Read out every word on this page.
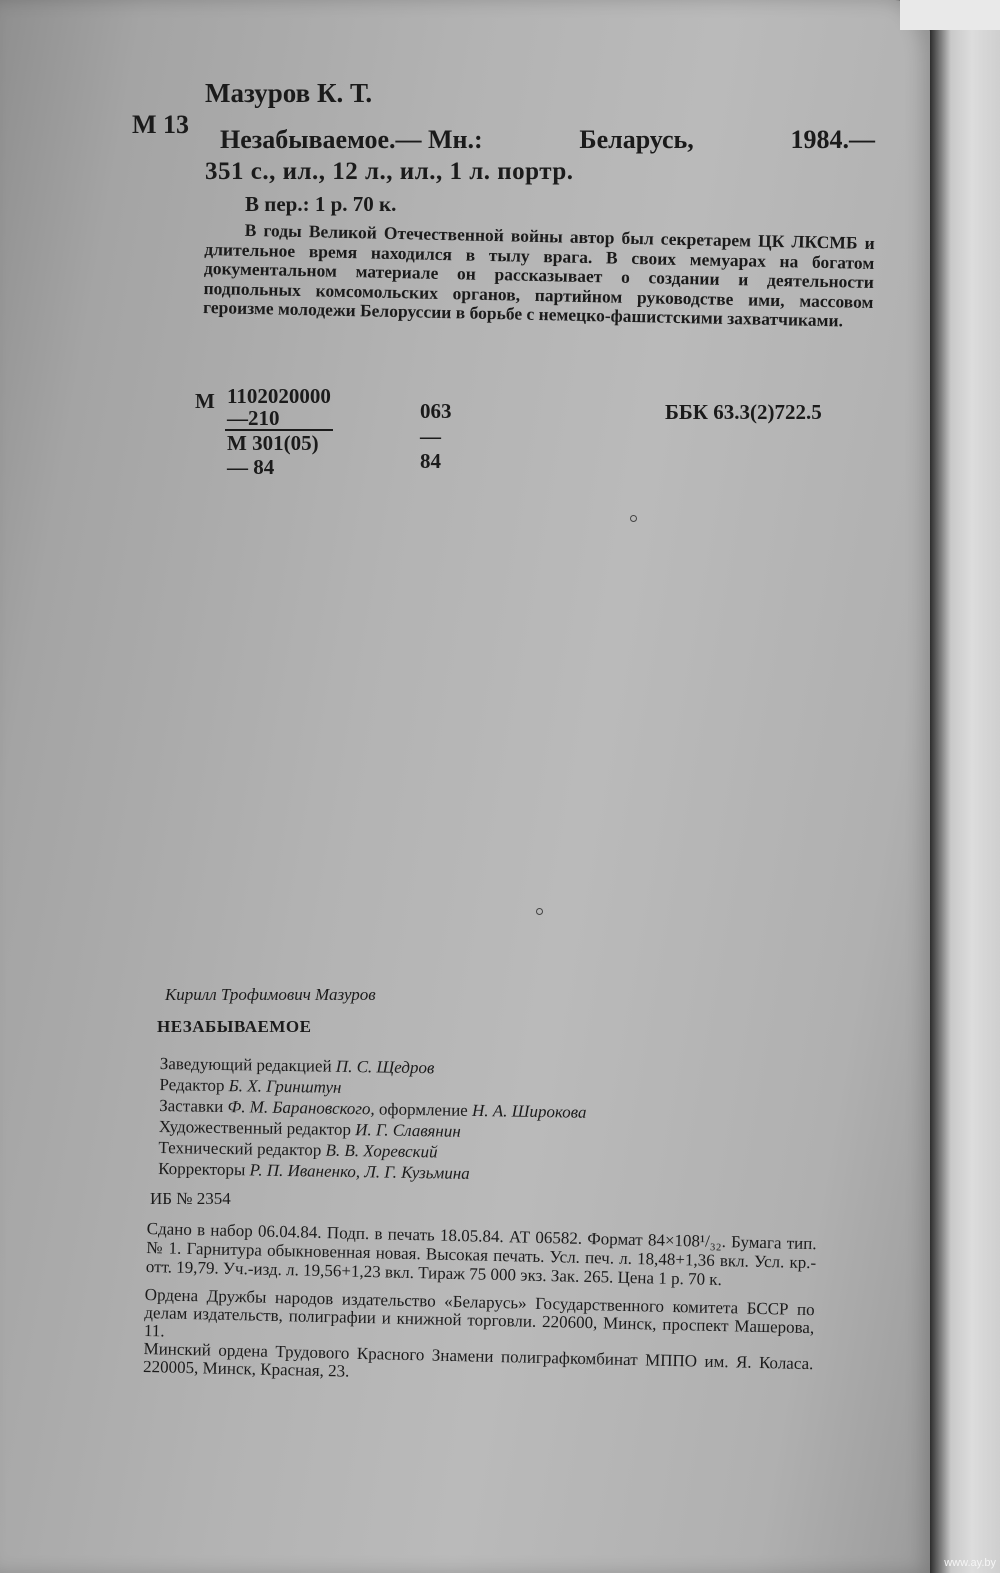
Мазуров К. Т.
М 13
Незабываемое.— Мн.:	Беларусь,	1984.—
351 с., ил., 12 л., ил., 1 л. портр.
В пер.: 1 р. 70 к.

В годы Великой Отечественной войны автор был секретарем ЦК ЛКСМБ и длительное время находился в тылу врага. В своих мемуарах на богатом документальном материале он рассказывает о создании и деятельности подпольных комсомольских органов, партийном руководстве ими, массовом героизме молодежи Белоруссии в борьбе с немецко-фашистскими захватчиками.

М 1102020000—210
М 301(05) — 84
063—84
ББК 63.3(2)722.5
Кирилл Трофимович Мазуров
НЕЗАБЫВАЕМОЕ
Заведующий редакцией П. С. Щедров
Редактор Б. Х. Гринштун
Заставки Ф. М. Барановского, оформление Н. А. Широкова
Художественный редактор И. Г. Славянин
Технический редактор В. В. Хоревский
Корректоры Р. П. Иваненко, Л. Г. Кузьмина
ИБ № 2354

Сдано в набор 06.04.84. Подп. в печать 18.05.84. АТ 06582. Формат 84×108¹/₃₂. Бумага тип. № 1. Гарнитура обыкновенная новая. Высокая печать. Усл. печ. л. 18,48+1,36 вкл. Усл. кр.-отт. 19,79. Уч.-изд. л. 19,56+1,23 вкл. Тираж 75 000 экз. Зак. 265. Цена 1 р. 70 к.

Ордена Дружбы народов издательство «Беларусь» Государственного комитета БССР по делам издательств, полиграфии и книжной торговли. 220600, Минск, проспект Машерова, 11.

Минский ордена Трудового Красного Знамени полиграфкомбинат МППО им. Я. Коласа. 220005, Минск, Красная, 23.

www.ay.by
